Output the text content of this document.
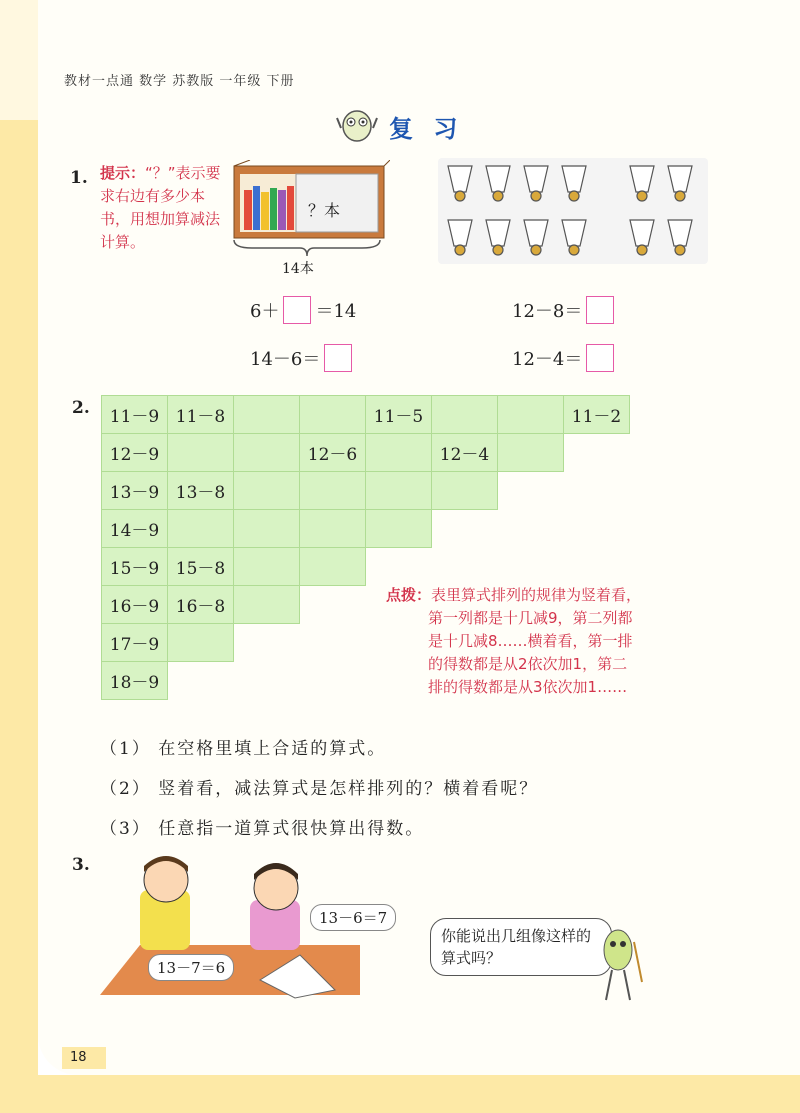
教材一点通 数学 苏教版 一年级 下册
复 习
1. 提示：“？”表示要求右边有多少本书，用想加算减法计算。
？本
14本
6＋ ＝14
14－6＝
12－8＝
12－4＝
2. 11－9	11－8			11－5			11－2
12－9			12－6		12－4		
13－9	13－8						
14－9							
15－9	15－8						
16－9	16－8						
17－9							
18－9							
点拨：表里算式排列的规律为竖着看，
第一列都是十几减9，第二列都
是十几减8……横着看，第一排
的得数都是从2依次加1，第二
排的得数都是从3依次加1……
（1） 在空格里填上合适的算式。
（2） 竖着看，减法算式是怎样排列的？横着看呢？
（3） 任意指一道算式很快算出得数。
3.
13－6＝7
13－7＝6
你能说出几组像这样的算式吗？
18
